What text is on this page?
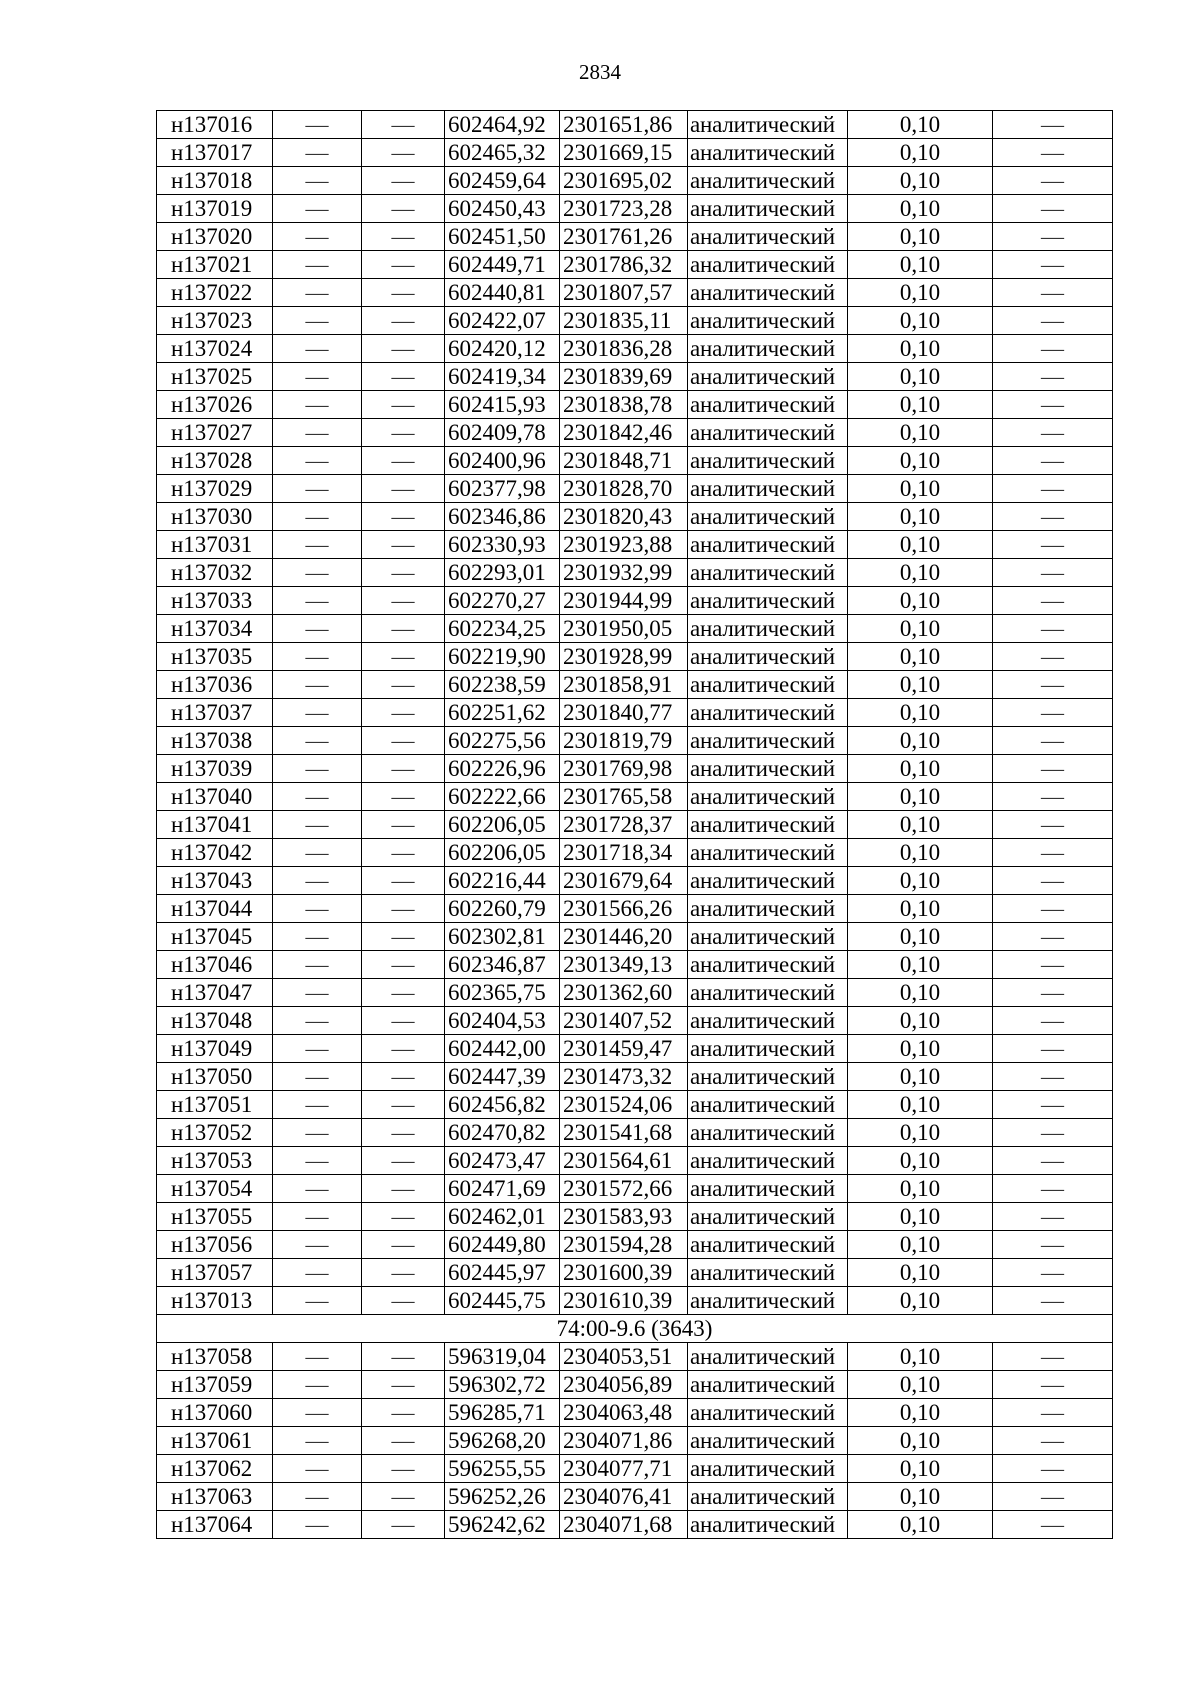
2834
н137016	—	—	602464,92	2301651,86	аналитический	0,10	—
н137017	—	—	602465,32	2301669,15	аналитический	0,10	—
н137018	—	—	602459,64	2301695,02	аналитический	0,10	—
н137019	—	—	602450,43	2301723,28	аналитический	0,10	—
н137020	—	—	602451,50	2301761,26	аналитический	0,10	—
н137021	—	—	602449,71	2301786,32	аналитический	0,10	—
н137022	—	—	602440,81	2301807,57	аналитический	0,10	—
н137023	—	—	602422,07	2301835,11	аналитический	0,10	—
н137024	—	—	602420,12	2301836,28	аналитический	0,10	—
н137025	—	—	602419,34	2301839,69	аналитический	0,10	—
н137026	—	—	602415,93	2301838,78	аналитический	0,10	—
н137027	—	—	602409,78	2301842,46	аналитический	0,10	—
н137028	—	—	602400,96	2301848,71	аналитический	0,10	—
н137029	—	—	602377,98	2301828,70	аналитический	0,10	—
н137030	—	—	602346,86	2301820,43	аналитический	0,10	—
н137031	—	—	602330,93	2301923,88	аналитический	0,10	—
н137032	—	—	602293,01	2301932,99	аналитический	0,10	—
н137033	—	—	602270,27	2301944,99	аналитический	0,10	—
н137034	—	—	602234,25	2301950,05	аналитический	0,10	—
н137035	—	—	602219,90	2301928,99	аналитический	0,10	—
н137036	—	—	602238,59	2301858,91	аналитический	0,10	—
н137037	—	—	602251,62	2301840,77	аналитический	0,10	—
н137038	—	—	602275,56	2301819,79	аналитический	0,10	—
н137039	—	—	602226,96	2301769,98	аналитический	0,10	—
н137040	—	—	602222,66	2301765,58	аналитический	0,10	—
н137041	—	—	602206,05	2301728,37	аналитический	0,10	—
н137042	—	—	602206,05	2301718,34	аналитический	0,10	—
н137043	—	—	602216,44	2301679,64	аналитический	0,10	—
н137044	—	—	602260,79	2301566,26	аналитический	0,10	—
н137045	—	—	602302,81	2301446,20	аналитический	0,10	—
н137046	—	—	602346,87	2301349,13	аналитический	0,10	—
н137047	—	—	602365,75	2301362,60	аналитический	0,10	—
н137048	—	—	602404,53	2301407,52	аналитический	0,10	—
н137049	—	—	602442,00	2301459,47	аналитический	0,10	—
н137050	—	—	602447,39	2301473,32	аналитический	0,10	—
н137051	—	—	602456,82	2301524,06	аналитический	0,10	—
н137052	—	—	602470,82	2301541,68	аналитический	0,10	—
н137053	—	—	602473,47	2301564,61	аналитический	0,10	—
н137054	—	—	602471,69	2301572,66	аналитический	0,10	—
н137055	—	—	602462,01	2301583,93	аналитический	0,10	—
н137056	—	—	602449,80	2301594,28	аналитический	0,10	—
н137057	—	—	602445,97	2301600,39	аналитический	0,10	—
н137013	—	—	602445,75	2301610,39	аналитический	0,10	—
74:00-9.6 (3643)							
н137058	—	—	596319,04	2304053,51	аналитический	0,10	—
н137059	—	—	596302,72	2304056,89	аналитический	0,10	—
н137060	—	—	596285,71	2304063,48	аналитический	0,10	—
н137061	—	—	596268,20	2304071,86	аналитический	0,10	—
н137062	—	—	596255,55	2304077,71	аналитический	0,10	—
н137063	—	—	596252,26	2304076,41	аналитический	0,10	—
н137064	—	—	596242,62	2304071,68	аналитический	0,10	—
